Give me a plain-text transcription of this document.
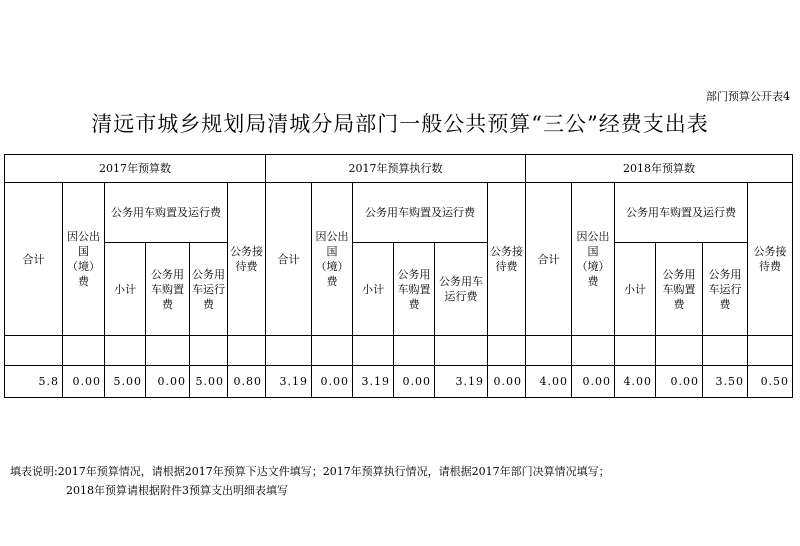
部门预算公开表4
清远市城乡规划局清城分局部门一般公共预算“三公”经费支出表
2017年预算数						2017年预算执行数						2018年预算数					
合计	因公出国（境）费	公务用车购置及运行费			公务接待费	合计	因公出国（境）费	公务用车购置及运行费			公务接待费	合计	因公出国（境）费	公务用车购置及运行费			公务接待费
		小计	公务用车购置费	公务用车运行费				小计	公务用车购置费	公务用车运行费				小计	公务用车购置费	公务用车运行费	

5.8	0.00	5.00	0.00	5.00	0.80	3.19	0.00	3.19	0.00	3.19	0.00	4.00	0.00	4.00	0.00	3.50	0.50
填表说明:2017年预算情况，请根据2017年预算下达文件填写；2017年预算执行情况，请根据2017年部门决算情况填写；
2018年预算请根据附件3预算支出明细表填写
